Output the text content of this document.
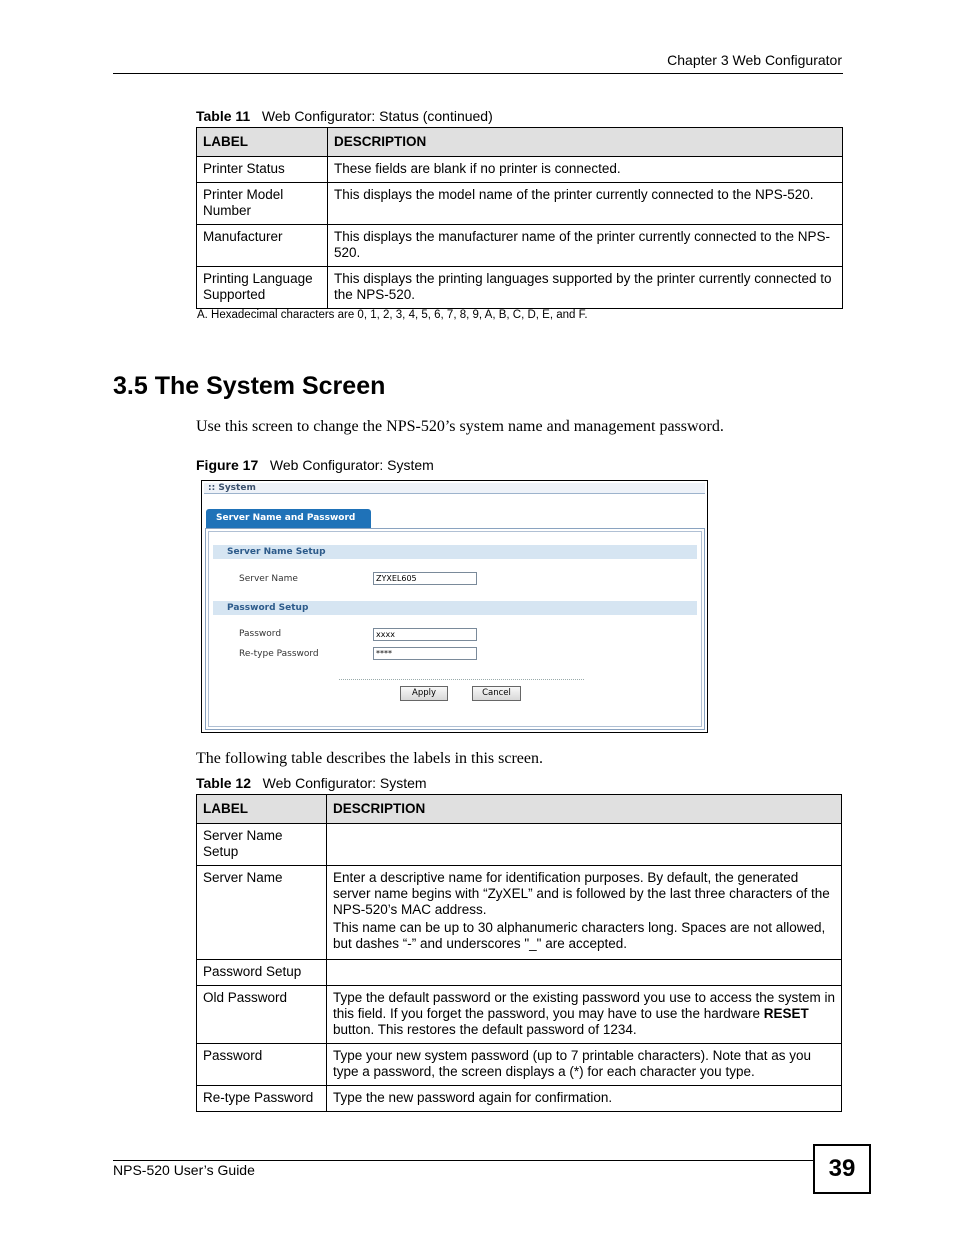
Chapter 3 Web Configurator
Table 11 Web Configurator: Status (continued)
LABEL	DESCRIPTION
Printer Status	These fields are blank if no printer is connected.
Printer Model Number	This displays the model name of the printer currently connected to the NPS-520.
Manufacturer	This displays the manufacturer name of the printer currently connected to the NPS-520.
Printing Language Supported	This displays the printing languages supported by the printer currently connected to the NPS-520.
A. Hexadecimal characters are 0, 1, 2, 3, 4, 5, 6, 7, 8, 9, A, B, C, D, E, and F.
3.5 The System Screen
Use this screen to change the NPS-520’s system name and management password.
Figure 17 Web Configurator: System
:: System
Server Name and Password
Server Name Setup
Server Name	ZYXEL605
Password Setup
Password	xxxx
Re-type Password	****
Apply	Cancel
The following table describes the labels in this screen.
Table 12 Web Configurator: System
LABEL	DESCRIPTION
Server Name Setup	
Server Name	Enter a descriptive name for identification purposes. By default, the generated server name begins with “ZyXEL” and is followed by the last three characters of the NPS-520’s MAC address.

This name can be up to 30 alphanumeric characters long. Spaces are not allowed, but dashes “-” and underscores "_" are accepted.

Password Setup	
Old Password	Type the default password or the existing password you use to access the system in this field. If you forget the password, you may have to use the hardware RESET button. This restores the default password of 1234.
Password	Type your new system password (up to 7 printable characters). Note that as you type a password, the screen displays a (*) for each character you type.
Re-type Password	Type the new password again for confirmation.
NPS-520 User’s Guide	39
